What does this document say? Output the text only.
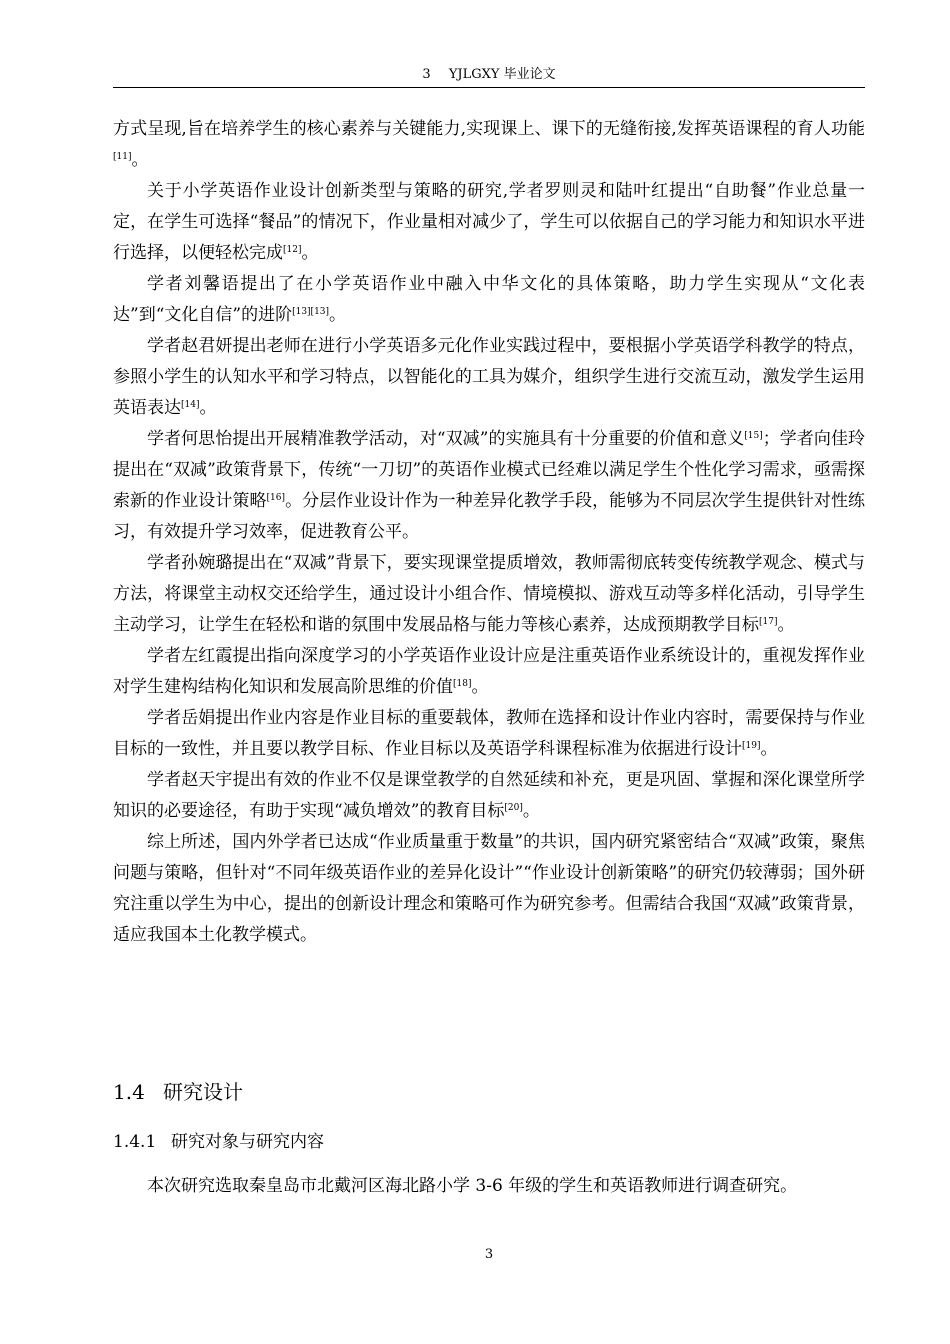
3 YJLGXY 毕业论文

方式呈现,旨在培养学生的核心素养与关键能力,实现课上、课下的无缝衔接,发挥英语课程的育人功能[11]。

关于小学英语作业设计创新类型与策略的研究,学者罗则灵和陆叶红提出“自助餐”作业总量一定，在学生可选择“餐品”的情况下，作业量相对减少了，学生可以依据自己的学习能力和知识水平进行选择，以便轻松完成[12]。

学者刘馨语提出了在小学英语作业中融入中华文化的具体策略，助力学生实现从“文化表达”到“文化自信”的进阶[13][13]。

学者赵君妍提出老师在进行小学英语多元化作业实践过程中，要根据小学英语学科教学的特点，参照小学生的认知水平和学习特点，以智能化的工具为媒介，组织学生进行交流互动，激发学生运用英语表达[14]。

学者何思怡提出开展精准教学活动，对“双减”的实施具有十分重要的价值和意义[15]；学者向佳玲提出在“双减”政策背景下，传统“一刀切”的英语作业模式已经难以满足学生个性化学习需求，亟需探索新的作业设计策略[16]。分层作业设计作为一种差异化教学手段，能够为不同层次学生提供针对性练习，有效提升学习效率，促进教育公平。

学者孙婉璐提出在“双减”背景下，要实现课堂提质增效，教师需彻底转变传统教学观念、模式与方法，将课堂主动权交还给学生，通过设计小组合作、情境模拟、游戏互动等多样化活动，引导学生主动学习，让学生在轻松和谐的氛围中发展品格与能力等核心素养，达成预期教学目标[17]。

学者左红霞提出指向深度学习的小学英语作业设计应是注重英语作业系统设计的，重视发挥作业对学生建构结构化知识和发展高阶思维的价值[18]。

学者岳娟提出作业内容是作业目标的重要载体，教师在选择和设计作业内容时，需要保持与作业目标的一致性，并且要以教学目标、作业目标以及英语学科课程标准为依据进行设计[19]。

学者赵天宇提出有效的作业不仅是课堂教学的自然延续和补充，更是巩固、掌握和深化课堂所学知识的必要途径，有助于实现“减负增效”的教育目标[20]。

综上所述，国内外学者已达成“作业质量重于数量”的共识，国内研究紧密结合“双减”政策，聚焦问题与策略，但针对“不同年级英语作业的差异化设计”“作业设计创新策略”的研究仍较薄弱；国外研究注重以学生为中心，提出的创新设计理念和策略可作为研究参考。但需结合我国“双减”政策背景，适应我国本土化教学模式。

1.4 研究设计
1.4.1 研究对象与研究内容
本次研究选取秦皇岛市北戴河区海北路小学 3-6 年级的学生和英语教师进行调查研究。
3
